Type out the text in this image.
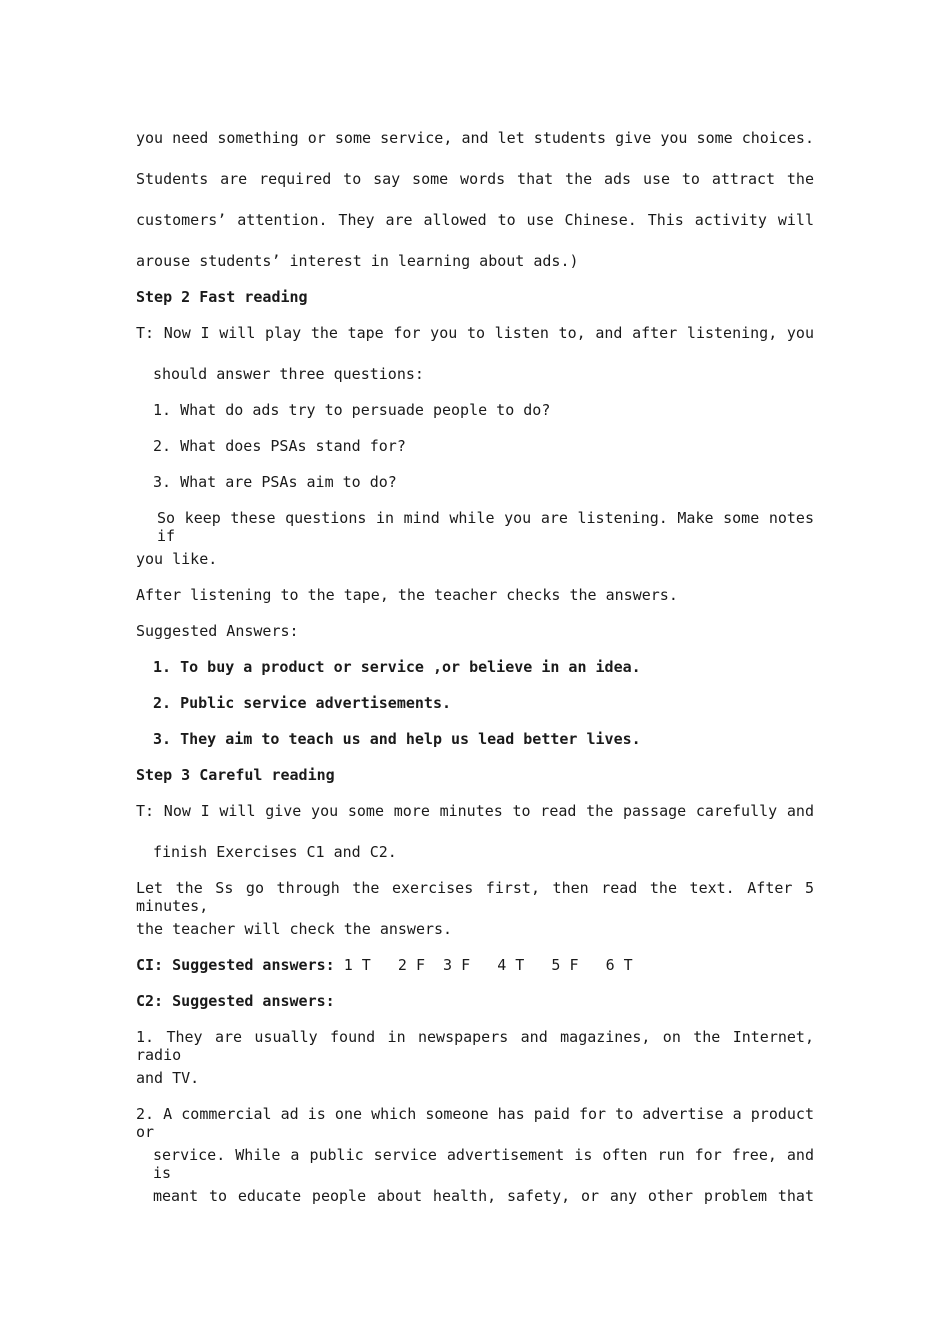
you need something or some service, and let students give you some choices.
Students are required to say some words that the ads use to attract the
customers’ attention. They are allowed to use Chinese. This activity will
arouse students’ interest in learning about ads.)
Step 2 Fast reading
T: Now I will play the tape for you to listen to, and after listening, you
should answer three questions:
1. What do ads try to persuade people to do?
2. What does PSAs stand for?
3. What are PSAs aim to do?
So keep these questions in mind while you are listening. Make some notes if
you like.
After listening to the tape, the teacher checks the answers.
Suggested Answers:
1. To buy a product or service ,or believe in an idea.
2. Public service advertisements.
3. They aim to teach us and help us lead better lives.
Step 3 Careful reading
T: Now I will give you some more minutes to read the passage carefully and
finish Exercises C1 and C2.
Let the Ss go through the exercises first, then read the text. After 5 minutes,
the teacher will check the answers.
CI: Suggested answers: 1 T   2 F  3 F   4 T   5 F   6 T
C2: Suggested answers:
1. They are usually found in newspapers and magazines, on the Internet, radio
and TV.
2. A commercial ad is one which someone has paid for to advertise a product or
service. While a public service advertisement is often run for free, and is
meant to educate people about health, safety, or any other problem that
